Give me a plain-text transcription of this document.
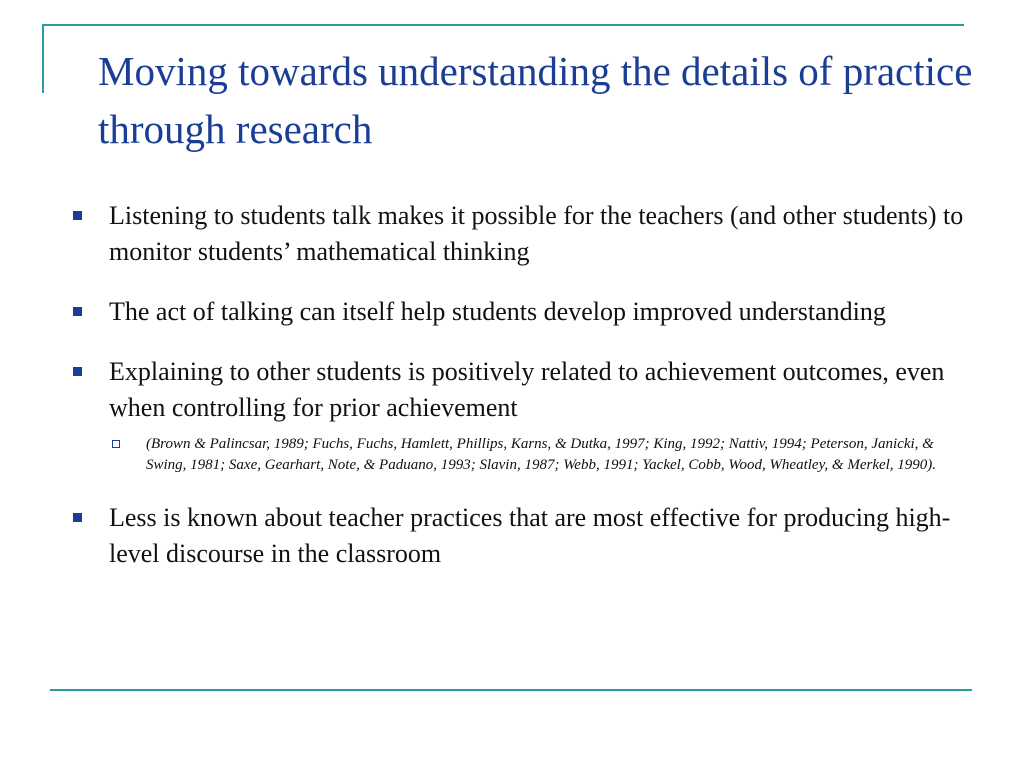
Moving towards understanding the details of practice through research
Listening to students talk makes it possible for the teachers (and other students) to monitor students’ mathematical thinking
The act of talking can itself help students develop improved understanding
Explaining to other students is positively related to achievement outcomes, even when controlling for prior achievement
(Brown & Palincsar, 1989; Fuchs, Fuchs, Hamlett, Phillips, Karns, & Dutka, 1997; King, 1992; Nattiv, 1994; Peterson, Janicki, & Swing, 1981; Saxe, Gearhart, Note, & Paduano, 1993; Slavin, 1987; Webb, 1991; Yackel, Cobb, Wood, Wheatley, & Merkel, 1990).
Less is known about teacher practices that are most effective for producing high-level discourse in the classroom
